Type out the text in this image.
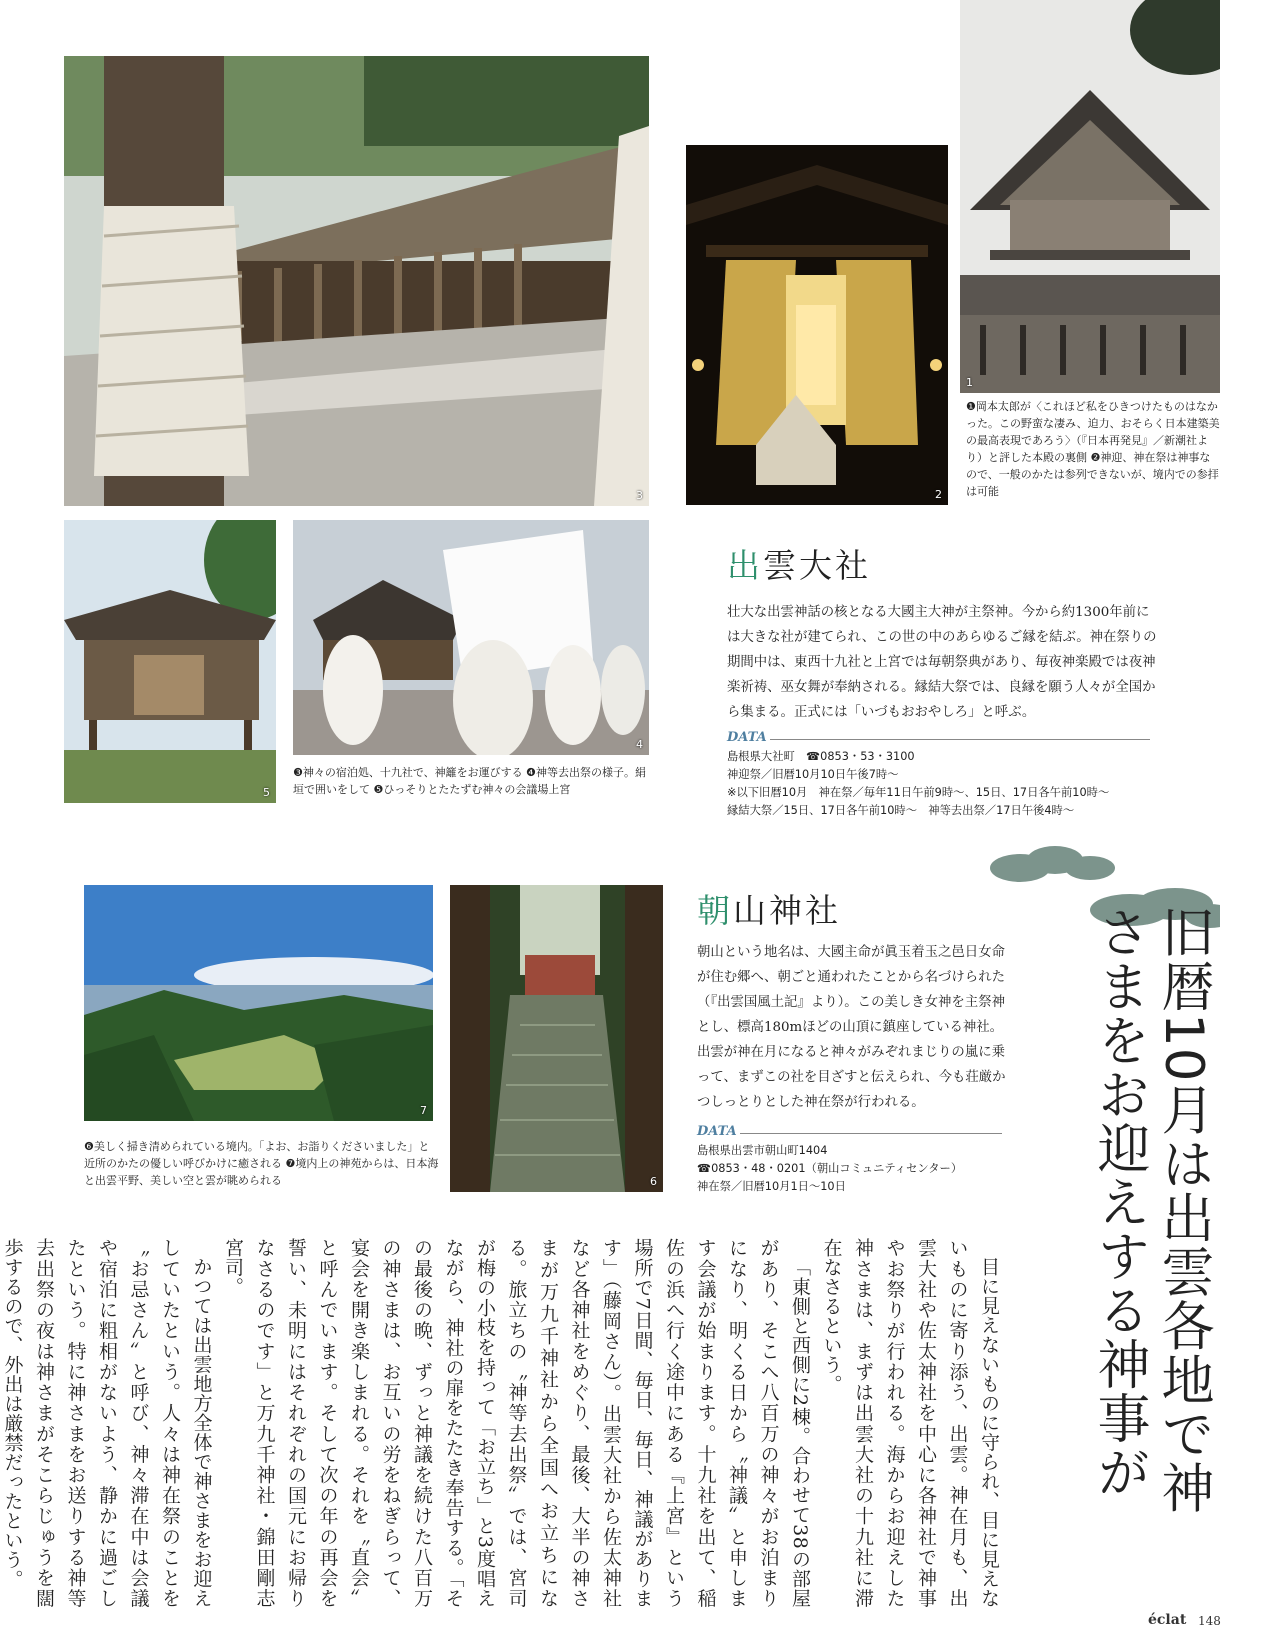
3	2
1
❶岡本太郎が〈これほど私をひきつけたものはなかった。この野蛮な凄み、迫力、おそらく日本建築美の最高表現であろう〉（『日本再発見』／新潮社より）と評した本殿の裏側 ❷神迎、神在祭は神事なので、一般のかたは参列できないが、境内での参拝は可能
5
4
❸神々の宿泊処、十九社で、神籬をお運びする ❹神等去出祭の様子。絹垣で囲いをして ❺ひっそりとたたずむ神々の会議場上宮
出雲大社

壮大な出雲神話の核となる大國主大神が主祭神。今から約1300年前には大きな社が建てられ、この世の中のあらゆるご縁を結ぶ。神在祭りの期間中は、東西十九社と上宮では毎朝祭典があり、毎夜神楽殿では夜神楽祈祷、巫女舞が奉納される。縁結大祭では、良縁を願う人々が全国から集まる。正式には「いづもおおやしろ」と呼ぶ。

DATA
島根県大社町　☎0853・53・3100
神迎祭／旧暦10月10日午後7時〜
※以下旧暦10月　神在祭／毎年11日午前9時〜、15日、17日各午前10時〜
縁結大祭／15日、17日各午前10時〜　神等去出祭／17日午後4時〜
7
❻美しく掃き清められている境内。「よお、お詣りくださいました」と近所のかたの優しい呼びかけに癒される ❼境内上の神苑からは、日本海と出雲平野、美しい空と雲が眺められる	6
朝山神社

朝山という地名は、大國主命が眞玉着玉之邑日女命が住む郷へ、朝ごと通われたことから名づけられた（『出雲国風土記』より）。この美しき女神を主祭神とし、標高180mほどの山頂に鎮座している神社。出雲が神在月になると神々がみぞれまじりの嵐に乗って、まずこの社を目ざすと伝えられ、今も荘厳かつしっとりとした神在祭が行われる。

DATA
島根県出雲市朝山町1404
☎0853・48・0201（朝山コミュニティセンター）
神在祭／旧暦10月1日〜10日	旧暦10月は出雲各地で神さまをお迎えする神事が

目に見えないものに守られ、目に見えないものに寄り添う、出雲。神在月も、出雲大社や佐太神社を中心に各神社で神事やお祭りが行われる。海からお迎えした神さまは、まずは出雲大社の十九社に滞在なさるという。

「東側と西側に2棟。合わせて38の部屋があり、そこへ八百万の神々がお泊まりになり、明くる日から〝神議〟と申します会議が始まります。十九社を出て、稲佐の浜へ行く途中にある『上宮』という場所で7日間、毎日、毎日、神議があります」（藤岡さん）。出雲大社から佐太神社など各神社をめぐり、最後、大半の神さまが万九千神社から全国へお立ちになる。旅立ちの〝神等去出祭〟では、宮司が梅の小枝を持って「お立ち」と3度唱えながら、神社の扉をたたき奉告する。「その最後の晩、ずっと神議を続けた八百万の神さまは、お互いの労をねぎらって、宴会を開き楽しまれる。それを〝直会〟と呼んでいます。そして次の年の再会を誓い、未明にはそれぞれの国元にお帰りなさるのです」と万九千神社・錦田剛志宮司。

かつては出雲地方全体で神さまをお迎えしていたという。人々は神在祭のことを〝お忌さん〟と呼び、神々滞在中は会議や宿泊に粗相がないよう、静かに過ごしたという。特に神さまをお送りする神等去出祭の夜は神さまがそこらじゅうを闊歩するので、外出は厳禁だったという。

éclat 148
